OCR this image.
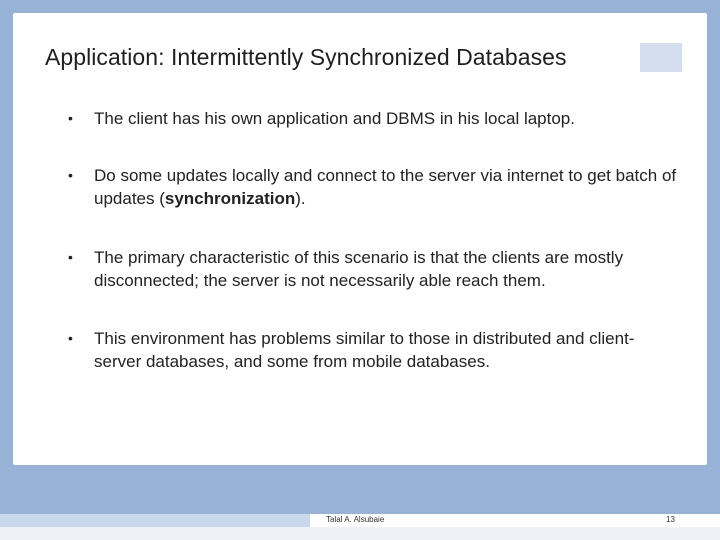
Application: Intermittently Synchronized Databases
• The client has his own application and DBMS in his local laptop.
• Do some updates locally and connect to the server via internet to get batch of updates (synchronization).
• The primary characteristic of this scenario is that the clients are mostly disconnected; the server is not necessarily able reach them.
• This environment has problems similar to those in distributed and client-server databases, and some from mobile databases.
Talal A. Alsubaie	13
